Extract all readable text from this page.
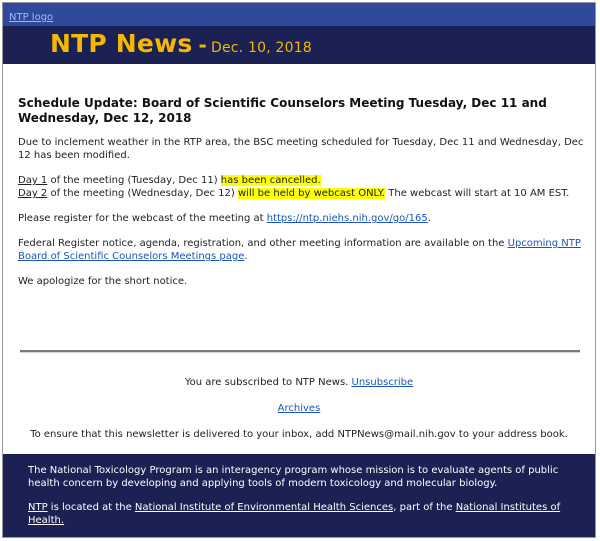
NTP logo
NTP News - Dec. 10, 2018
Schedule Update: Board of Scientific Counselors Meeting Tuesday, Dec 11 and Wednesday, Dec 12, 2018

Due to inclement weather in the RTP area, the BSC meeting scheduled for Tuesday, Dec 11 and Wednesday, Dec 12 has been modified.

Day 1 of the meeting (Tuesday, Dec 11) has been cancelled.
Day 2 of the meeting (Wednesday, Dec 12) will be held by webcast ONLY. The webcast will start at 10 AM EST.

Please register for the webcast of the meeting at https://ntp.niehs.nih.gov/go/165.

Federal Register notice, agenda, registration, and other meeting information are available on the Upcoming NTP Board of Scientific Counselors Meetings page.

We apologize for the short notice.

You are subscribed to NTP News. Unsubscribe
Archives
To ensure that this newsletter is delivered to your inbox, add NTPNews@mail.nih.gov to your address book.

The National Toxicology Program is an interagency program whose mission is to evaluate agents of public health concern by developing and applying tools of modern toxicology and molecular biology.

NTP is located at the National Institute of Environmental Health Sciences, part of the National Institutes of Health.
